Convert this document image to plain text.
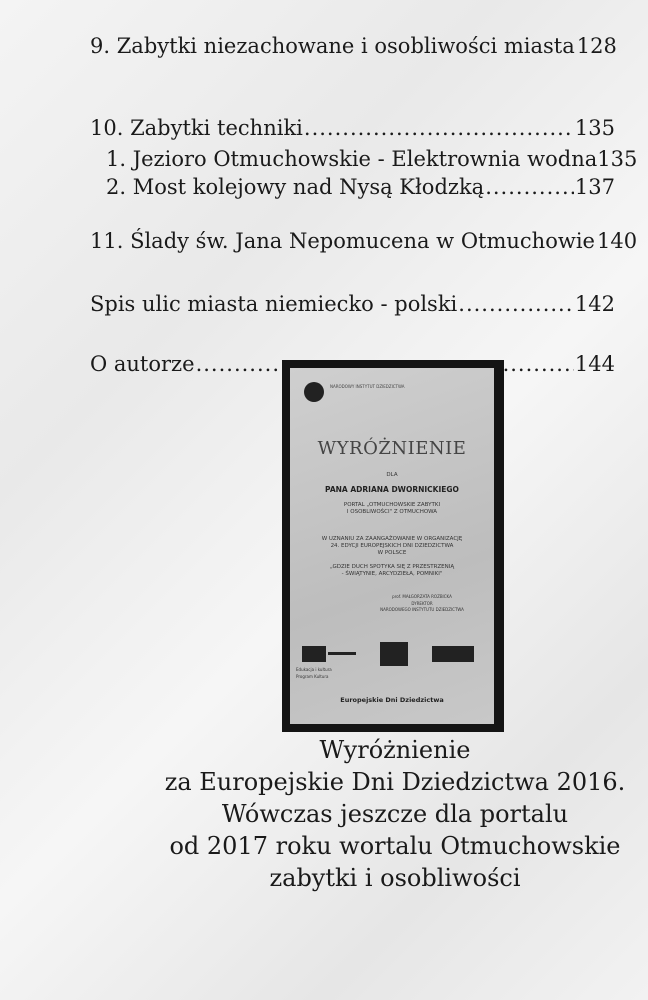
9. Zabytki niezachowane i osobliwości miasta 128
10. Zabytki techniki .....	135
1. Jezioro Otmuchowskie - Elektrownia wodna 135
2. Most kolejowy nad Nysą Kłodzką .....	137
11. Ślady św. Jana Nepomucena w Otmuchowie 140
Spis ulic miasta niemiecko - polski .....	142
O autorze .....	144
NARODOWY INSTYTUT DZIEDZICTWA
WYRÓŻNIENIE
DLA
PANA ADRIANA DWORNICKIEGO
PORTAL „OTMUCHOWSKIE ZABYTKI
I OSOBLIWOŚCI" Z OTMUCHOWA
W UZNANIU ZA ZAANGAŻOWANIE W ORGANIZACJĘ
24. EDYCJI EUROPEJSKICH DNI DZIEDZICTWA
W POLSCE
„GDZIE DUCH SPOTYKA SIĘ Z PRZESTRZENIĄ
- ŚWIĄTYNIE, ARCYDZIEŁA, POMNIKI"
prof. MAŁGORZATA ROZBICKA
DYREKTOR
NARODOWEGO INSTYTUTU DZIEDZICTWA
Edukacja i kultura Program Kultura
Europejskie Dni Dziedzictwa
Wyróżnienie
za Europejskie Dni Dziedzictwa 2016.
Wówczas jeszcze dla portalu
od 2017 roku wortalu Otmuchowskie
zabytki i osobliwości
